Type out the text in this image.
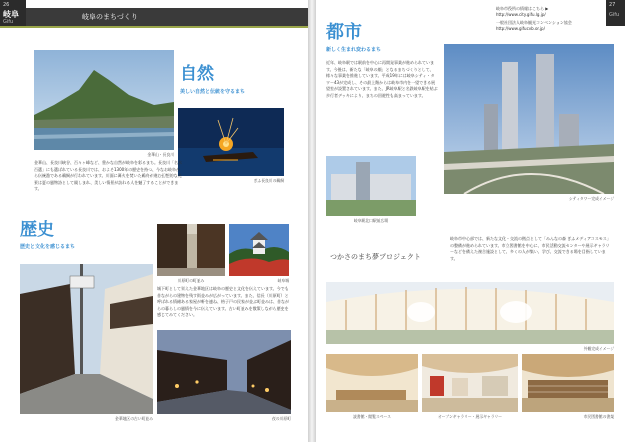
26
岐阜
Gifu
岐阜のまちづくり
金華山・長良川
自然
美しい自然と伝統を守るまち
ぎふ長良川の鵜飼
金華山、長良川峡谷、百々ヶ峰など、豊かな自然が岐阜を彩るまち。長良川「名水百選」にも選ばれている長良川では、およそ1300年の歴史を持つ、今なお岐阜から伝統漁である鵜飼が行われています。川面に篝火を焚いた鵜舟が進む幻想的な光景は夏の風物詩として親しまれ、美しい情景が訪れる人を魅了することができます。
歴史
歴史と文化を感じるまち
川原町の町並み	岐阜城
城下町として栄えた金華地区は岐阜の歴史と文化を伝えています。今でも昔ながらの建物を残す街並みが広がっています。また、信長（川原町）と呼ばれる情緒ある家屋が軒を連ね、格子戸の民家が並ぶ町並みは、昔ながらの暮らしの風情を今に伝えています。古い町並みを散策しながら歴史を感じてみてください。
金華地区の古い町並み	夜の川原町
岐阜市役所の情報はこちら ▶
http://www.city.gifu.lg.jp/
一般社団法人岐阜観光コンベンション協会
http://www.gifucvb.or.jp/
27
Gifu
都市
新しく生まれ変わるまち
近年、岐阜駅では駅前を中心に再開発事業が進められています。今後は、新たな「岐阜の顔」となるまちづくりとして、様々な事業を推進しています。平成19年には岐阜シティ・タワー43が完成し、その最上階からは岐阜市内を一望できる展望室が設置されています。また、JR岐阜駅と名鉄岐阜駅を結ぶ歩行者デッキにより、まちの回遊性も高まっています。
シティタワー完成イメージ
岐阜駅北口駅前広場
つかさのまち夢プロジェクト
岐阜市中心部では、新たな文化・交流の拠点として「みんなの森 ぎふメディアコスモス」の整備が進められています。市立図書館を中心に、市民活動交流センターや展示ギャラリーなどを備えた複合施設として、多くの人が集い、学び、交流できる場を目指しています。
外観完成イメージ
読書館・閲覧スペース	オープンギャラリー・展示ギャラリー	市民図書館の書架
